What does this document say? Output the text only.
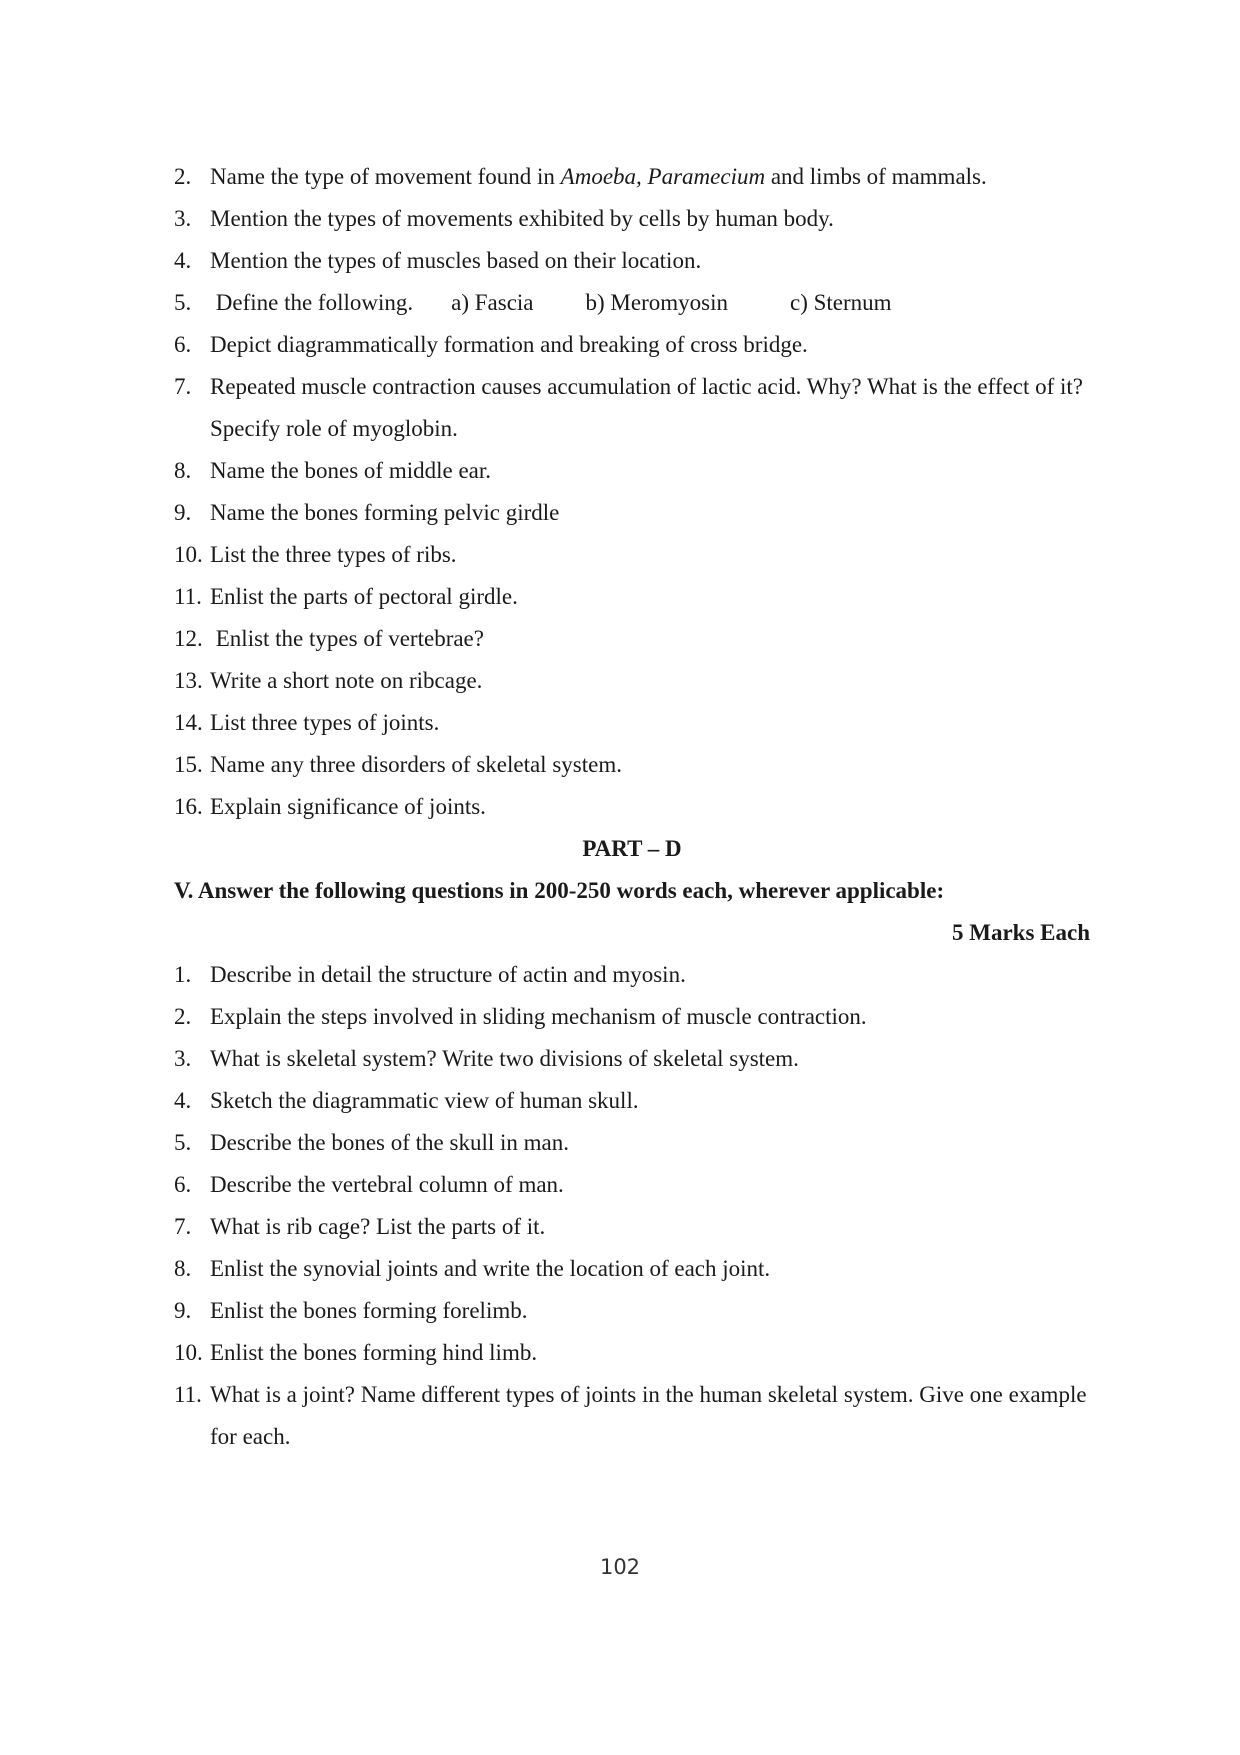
2. Name the type of movement found in Amoeba, Paramecium and limbs of mammals.
3. Mention the types of movements exhibited by cells by human body.
4. Mention the types of muscles based on their location.
5. Define the following. a) Fascia b) Meromyosin	c) Sternum
6. Depict diagrammatically formation and breaking of cross bridge.
7. Repeated muscle contraction causes accumulation of lactic acid. Why? What is the effect of it? Specify role of myoglobin.
8. Name the bones of middle ear.
9. Name the bones forming pelvic girdle
10. List the three types of ribs.
11. Enlist the parts of pectoral girdle.
12. Enlist the types of vertebrae?
13. Write a short note on ribcage.
14. List three types of joints.
15. Name any three disorders of skeletal system.
16. Explain significance of joints.
PART – D
V. Answer the following questions in 200-250 words each, wherever applicable:
5 Marks Each
1. Describe in detail the structure of actin and myosin.
2. Explain the steps involved in sliding mechanism of muscle contraction.
3. What is skeletal system? Write two divisions of skeletal system.
4. Sketch the diagrammatic view of human skull.
5. Describe the bones of the skull in man.
6. Describe the vertebral column of man.
7. What is rib cage? List the parts of it.
8. Enlist the synovial joints and write the location of each joint.
9. Enlist the bones forming forelimb.
10. Enlist the bones forming hind limb.
11. What is a joint? Name different types of joints in the human skeletal system. Give one example for each.
102
